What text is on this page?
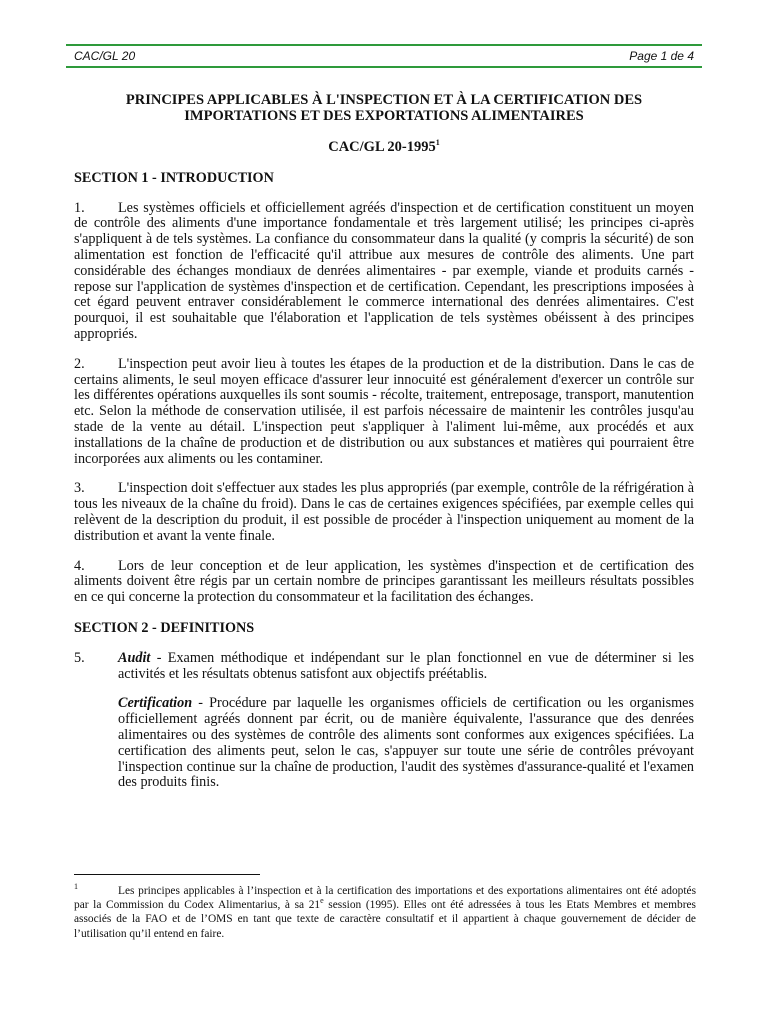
CAC/GL 20	Page 1 de 4
PRINCIPES APPLICABLES À L'INSPECTION ET À LA CERTIFICATION DES IMPORTATIONS ET DES EXPORTATIONS ALIMENTAIRES
CAC/GL 20-1995$^1$
SECTION 1 - INTRODUCTION

1. Les systèmes officiels et officiellement agréés d'inspection et de certification constituent un moyen de contrôle des aliments d'une importance fondamentale et très largement utilisé; les principes ci-après s'appliquent à de tels systèmes. La confiance du consommateur dans la qualité (y compris la sécurité) de son alimentation est fonction de l'efficacité qu'il attribue aux mesures de contrôle des aliments. Une part considérable des échanges mondiaux de denrées alimentaires - par exemple, viande et produits carnés - repose sur l'application de systèmes d'inspection et de certification. Cependant, les prescriptions imposées à cet égard peuvent entraver considérablement le commerce international des denrées alimentaires. C'est pourquoi, il est souhaitable que l'élaboration et l'application de tels systèmes obéissent à des principes appropriés.

2. L'inspection peut avoir lieu à toutes les étapes de la production et de la distribution. Dans le cas de certains aliments, le seul moyen efficace d'assurer leur innocuité est généralement d'exercer un contrôle sur les différentes opérations auxquelles ils sont soumis - récolte, traitement, entreposage, transport, manutention etc. Selon la méthode de conservation utilisée, il est parfois nécessaire de maintenir les contrôles jusqu'au stade de la vente au détail. L'inspection peut s'appliquer à l'aliment lui-même, aux procédés et aux installations de la chaîne de production et de distribution ou aux substances et matières qui pourraient être incorporées aux aliments ou les contaminer.

3. L'inspection doit s'effectuer aux stades les plus appropriés (par exemple, contrôle de la réfrigération à tous les niveaux de la chaîne du froid). Dans le cas de certaines exigences spécifiées, par exemple celles qui relèvent de la description du produit, il est possible de procéder à l'inspection uniquement au moment de la distribution et avant la vente finale.

4. Lors de leur conception et de leur application, les systèmes d'inspection et de certification des aliments doivent être régis par un certain nombre de principes garantissant les meilleurs résultats possibles en ce qui concerne la protection du consommateur et la facilitation des échanges.

SECTION 2 - DEFINITIONS
5.	Audit - Examen méthodique et indépendant sur le plan fonctionnel en vue de déterminer si les activités et les résultats obtenus satisfont aux objectifs préétablis.
Certification - Procédure par laquelle les organismes officiels de certification ou les organismes officiellement agréés donnent par écrit, ou de manière équivalente, l'assurance que des denrées alimentaires ou des systèmes de contrôle des aliments sont conformes aux exigences spécifiées. La certification des aliments peut, selon le cas, s'appuyer sur toute une série de contrôles prévoyant l'inspection continue sur la chaîne de production, l'audit des systèmes d'assurance-qualité et l'examen des produits finis.
$^1$	Les principes applicables à l’inspection et à la certification des importations et des exportations alimentaires ont été adoptés par la Commission du Codex Alimentarius, à sa 21e session (1995). Elles ont été adressées à tous les Etats Membres et membres associés de la FAO et de l’OMS en tant que texte de caractère consultatif et il appartient à chaque gouvernement de décider de l’utilisation qu’il entend en faire.
